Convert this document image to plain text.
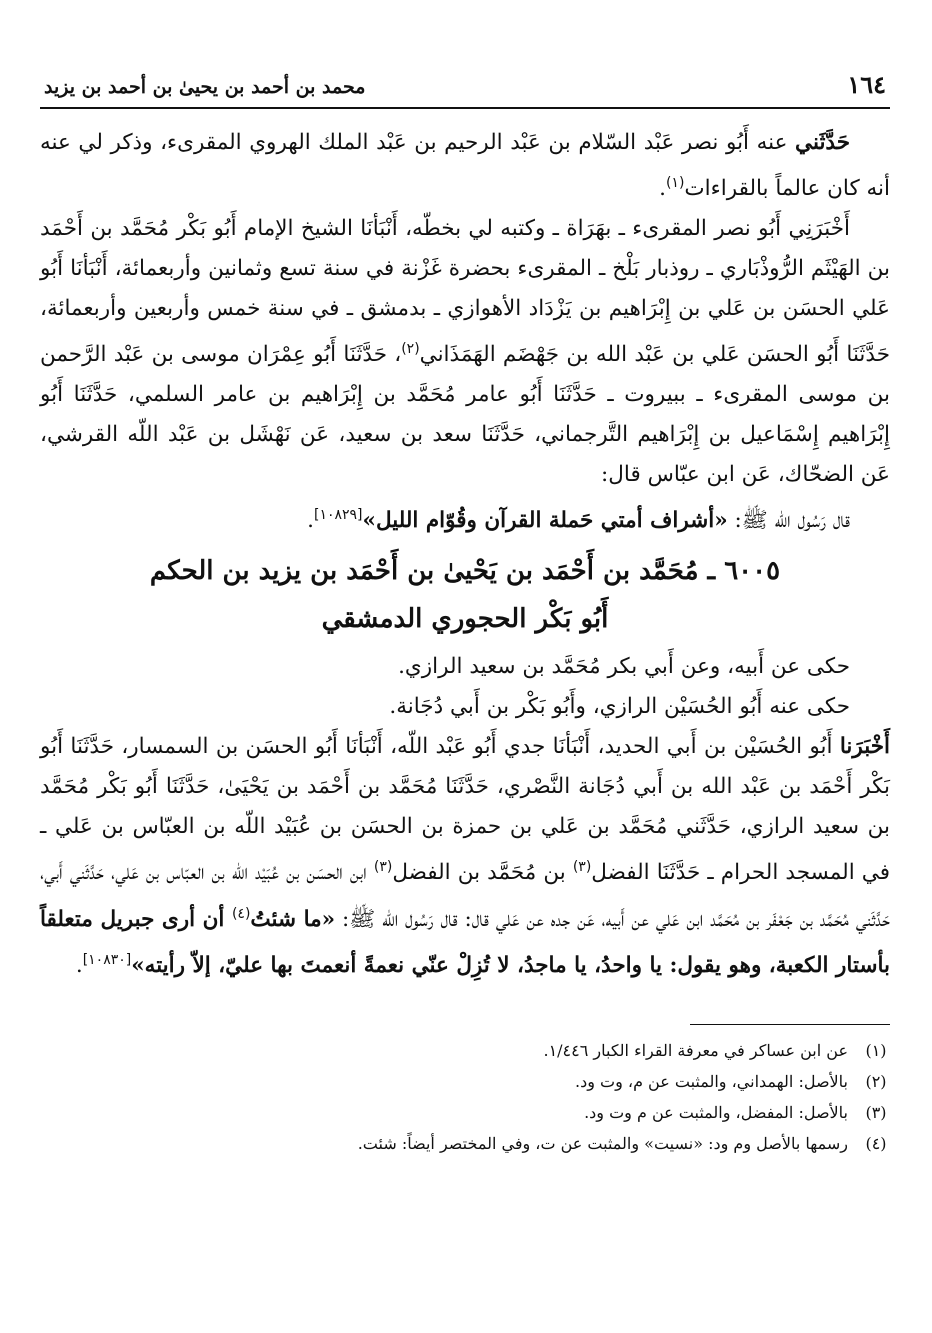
١٦٤
محمد بن أحمد بن يحيىٰ بن أحمد بن يزيد

حَدَّثَني عنه أَبُو نصر عَبْد السّلام بن عَبْد الرحيم بن عَبْد الملك الهروي المقرىء، وذكر لي عنه أنه كان عالماً بالقراءات$^{(١)}$.

أَخْبَرَنِي أَبُو نصر المقرىء ـ بهَرَاة ـ وكتبه لي بخطّه، أَنْبَأنَا الشيخ الإمام أَبُو بَكْر مُحَمَّد بن أَحْمَد بن الهَيْثَم الرُّوذْبَاري ـ روذبار بَلْخ ـ المقرىء بحضرة غَزْنة في سنة تسع وثمانين وأربعمائة، أَنْبَأنَا أَبُو عَلي الحسَن بن عَلي بن إِبْرَاهيم بن يَزْدَاد الأهوازي ـ بدمشق ـ في سنة خمس وأربعين وأربعمائة، حَدَّثَنَا أَبُو الحسَن عَلي بن عَبْد الله بن جَهْضَم الهَمَذَاني$^{(٢)}$، حَدَّثَنَا أَبُو عِمْرَان موسى بن عَبْد الرَّحمن بن موسى المقرىء ـ ببيروت ـ حَدَّثَنَا أَبُو عامر مُحَمَّد بن إِبْرَاهيم بن عامر السلمي، حَدَّثَنَا أَبُو إِبْرَاهيم إِسْمَاعيل بن إِبْرَاهيم التَّرجماني، حَدَّثَنَا سعد بن سعيد، عَن نَهْشَل بن عَبْد اللّه القرشي، عَن الضحّاك، عَن ابن عبّاس قال:

قال رَسُول الله ﷺ: «أشراف أمتي حَملة القرآن وقُوّام الليل»[١٠٨٢٩].

٦٠٠٥ ـ مُحَمَّد بن أَحْمَد بن يَحْيىٰ بن أَحْمَد بن يزيد بن الحكم

أَبُو بَكْر الحجوري الدمشقي

حكى عن أَبيه، وعن أَبي بكر مُحَمَّد بن سعيد الرازي.

حكى عنه أَبُو الحُسَيْن الرازي، وأَبُو بَكْر بن أَبي دُجَانة.

أَخْبَرَنا أَبُو الحُسَيْن بن أَبي الحديد، أَنْبَأنَا جدي أَبُو عَبْد اللّه، أَنْبَأنَا أَبُو الحسَن بن السمسار، حَدَّثَنَا أَبُو بَكْر أَحْمَد بن عَبْد الله بن أَبي دُجَانة النَّصْري، حَدَّثَنَا مُحَمَّد بن أَحْمَد بن يَحْيَىٰ، حَدَّثَنَا أَبُو بَكْر مُحَمَّد بن سعيد الرازي، حَدَّثَني مُحَمَّد بن عَلي بن حمزة بن الحسَن بن عُبَيْد اللّه بن العبّاس بن عَلي ـ في المسجد الحرام ـ حَدَّثَنَا الفضل$^{(٣)}$ بن مُحَمَّد بن الفضل$^{(٣)}$ ابن الحسَن بن عُبَيْد اللّه بن العبّاس بن عَلي، حَدَّثَني أَبي، حَدَّثَني مُحَمَّد بن جَعْفَر بن مُحَمَّد ابن عَلي عن أَبيه، عَن جده عن عَلي قال: قال رَسُول الله ﷺ: «ما شئتُ$^{(٤)}$ أن أرى جبريل متعلقاً بأستار الكعبة، وهو يقول: يا واحدُ، يا ماجدُ، لا تُزِلْ عنّي نعمةً أنعمتَ بها عليّ، إلاّ رأيته»[١٠٨٣٠].

(١)
عن ابن عساكر في معرفة القراء الكبار ١/٤٤٦.
(٢)
بالأصل: الهمداني، والمثبت عن م، وت ود.
(٣)
بالأصل: المفضل، والمثبت عن م وت ود.
(٤)
رسمها بالأصل وم ود: «نسيت» والمثبت عن ت، وفي المختصر أيضاً: شئت.
